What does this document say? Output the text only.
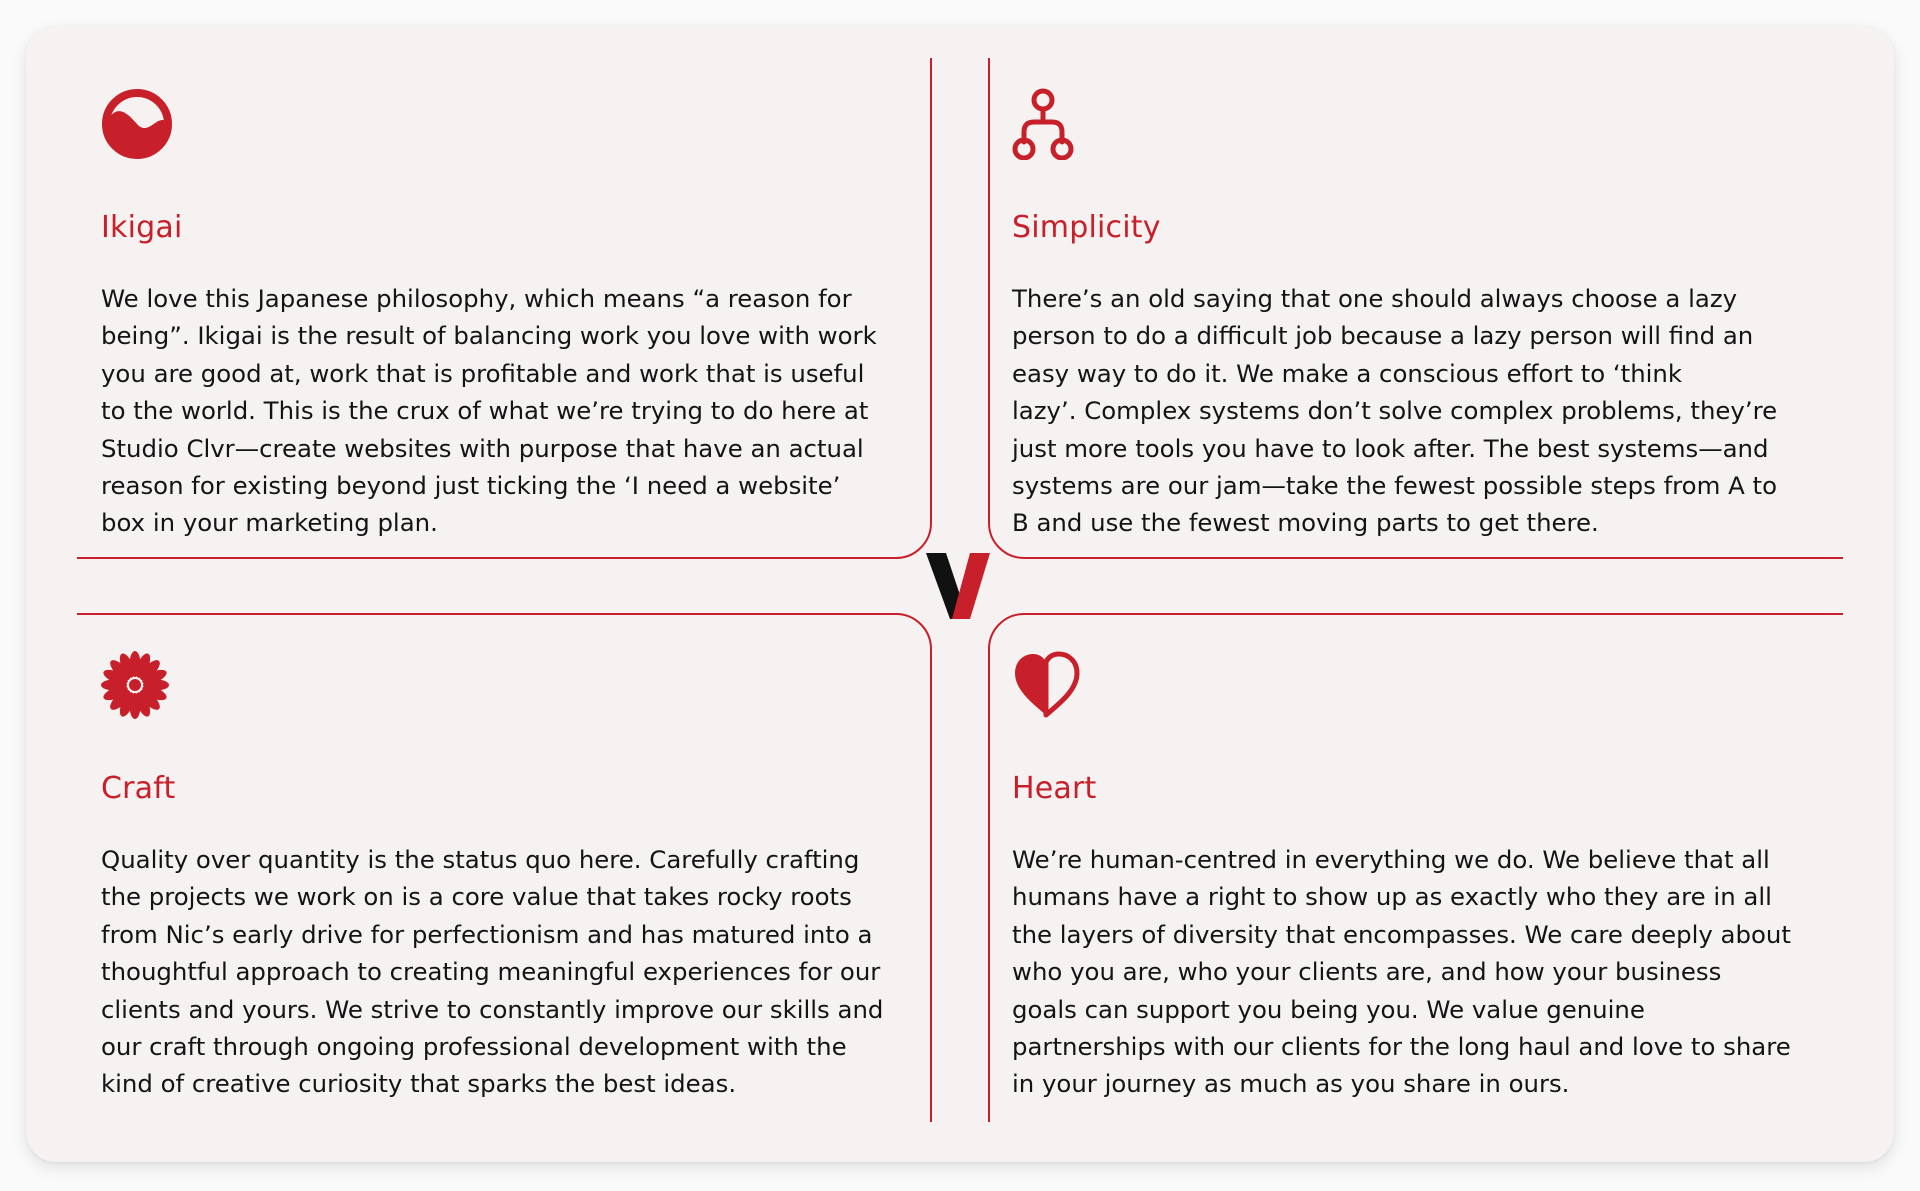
Ikigai

We love this Japanese philosophy, which means “a reason for
being”. Ikigai is the result of balancing work you love with work
you are good at, work that is profitable and work that is useful
to the world. This is the crux of what we’re trying to do here at
Studio Clvr—create websites with purpose that have an actual
reason for existing beyond just ticking the ‘I need a website’
box in your marketing plan.

Simplicity

There’s an old saying that one should always choose a lazy
person to do a difficult job because a lazy person will find an
easy way to do it. We make a conscious effort to ‘think
lazy’. Complex systems don’t solve complex problems, they’re
just more tools you have to look after. The best systems—and
systems are our jam—take the fewest possible steps from A to
B and use the fewest moving parts to get there.

Craft

Quality over quantity is the status quo here. Carefully crafting
the projects we work on is a core value that takes rocky roots
from Nic’s early drive for perfectionism and has matured into a
thoughtful approach to creating meaningful experiences for our
clients and yours. We strive to constantly improve our skills and
our craft through ongoing professional development with the
kind of creative curiosity that sparks the best ideas.

Heart

We’re human-centred in everything we do. We believe that all
humans have a right to show up as exactly who they are in all
the layers of diversity that encompasses. We care deeply about
who you are, who your clients are, and how your business
goals can support you being you. We value genuine
partnerships with our clients for the long haul and love to share
in your journey as much as you share in ours.
